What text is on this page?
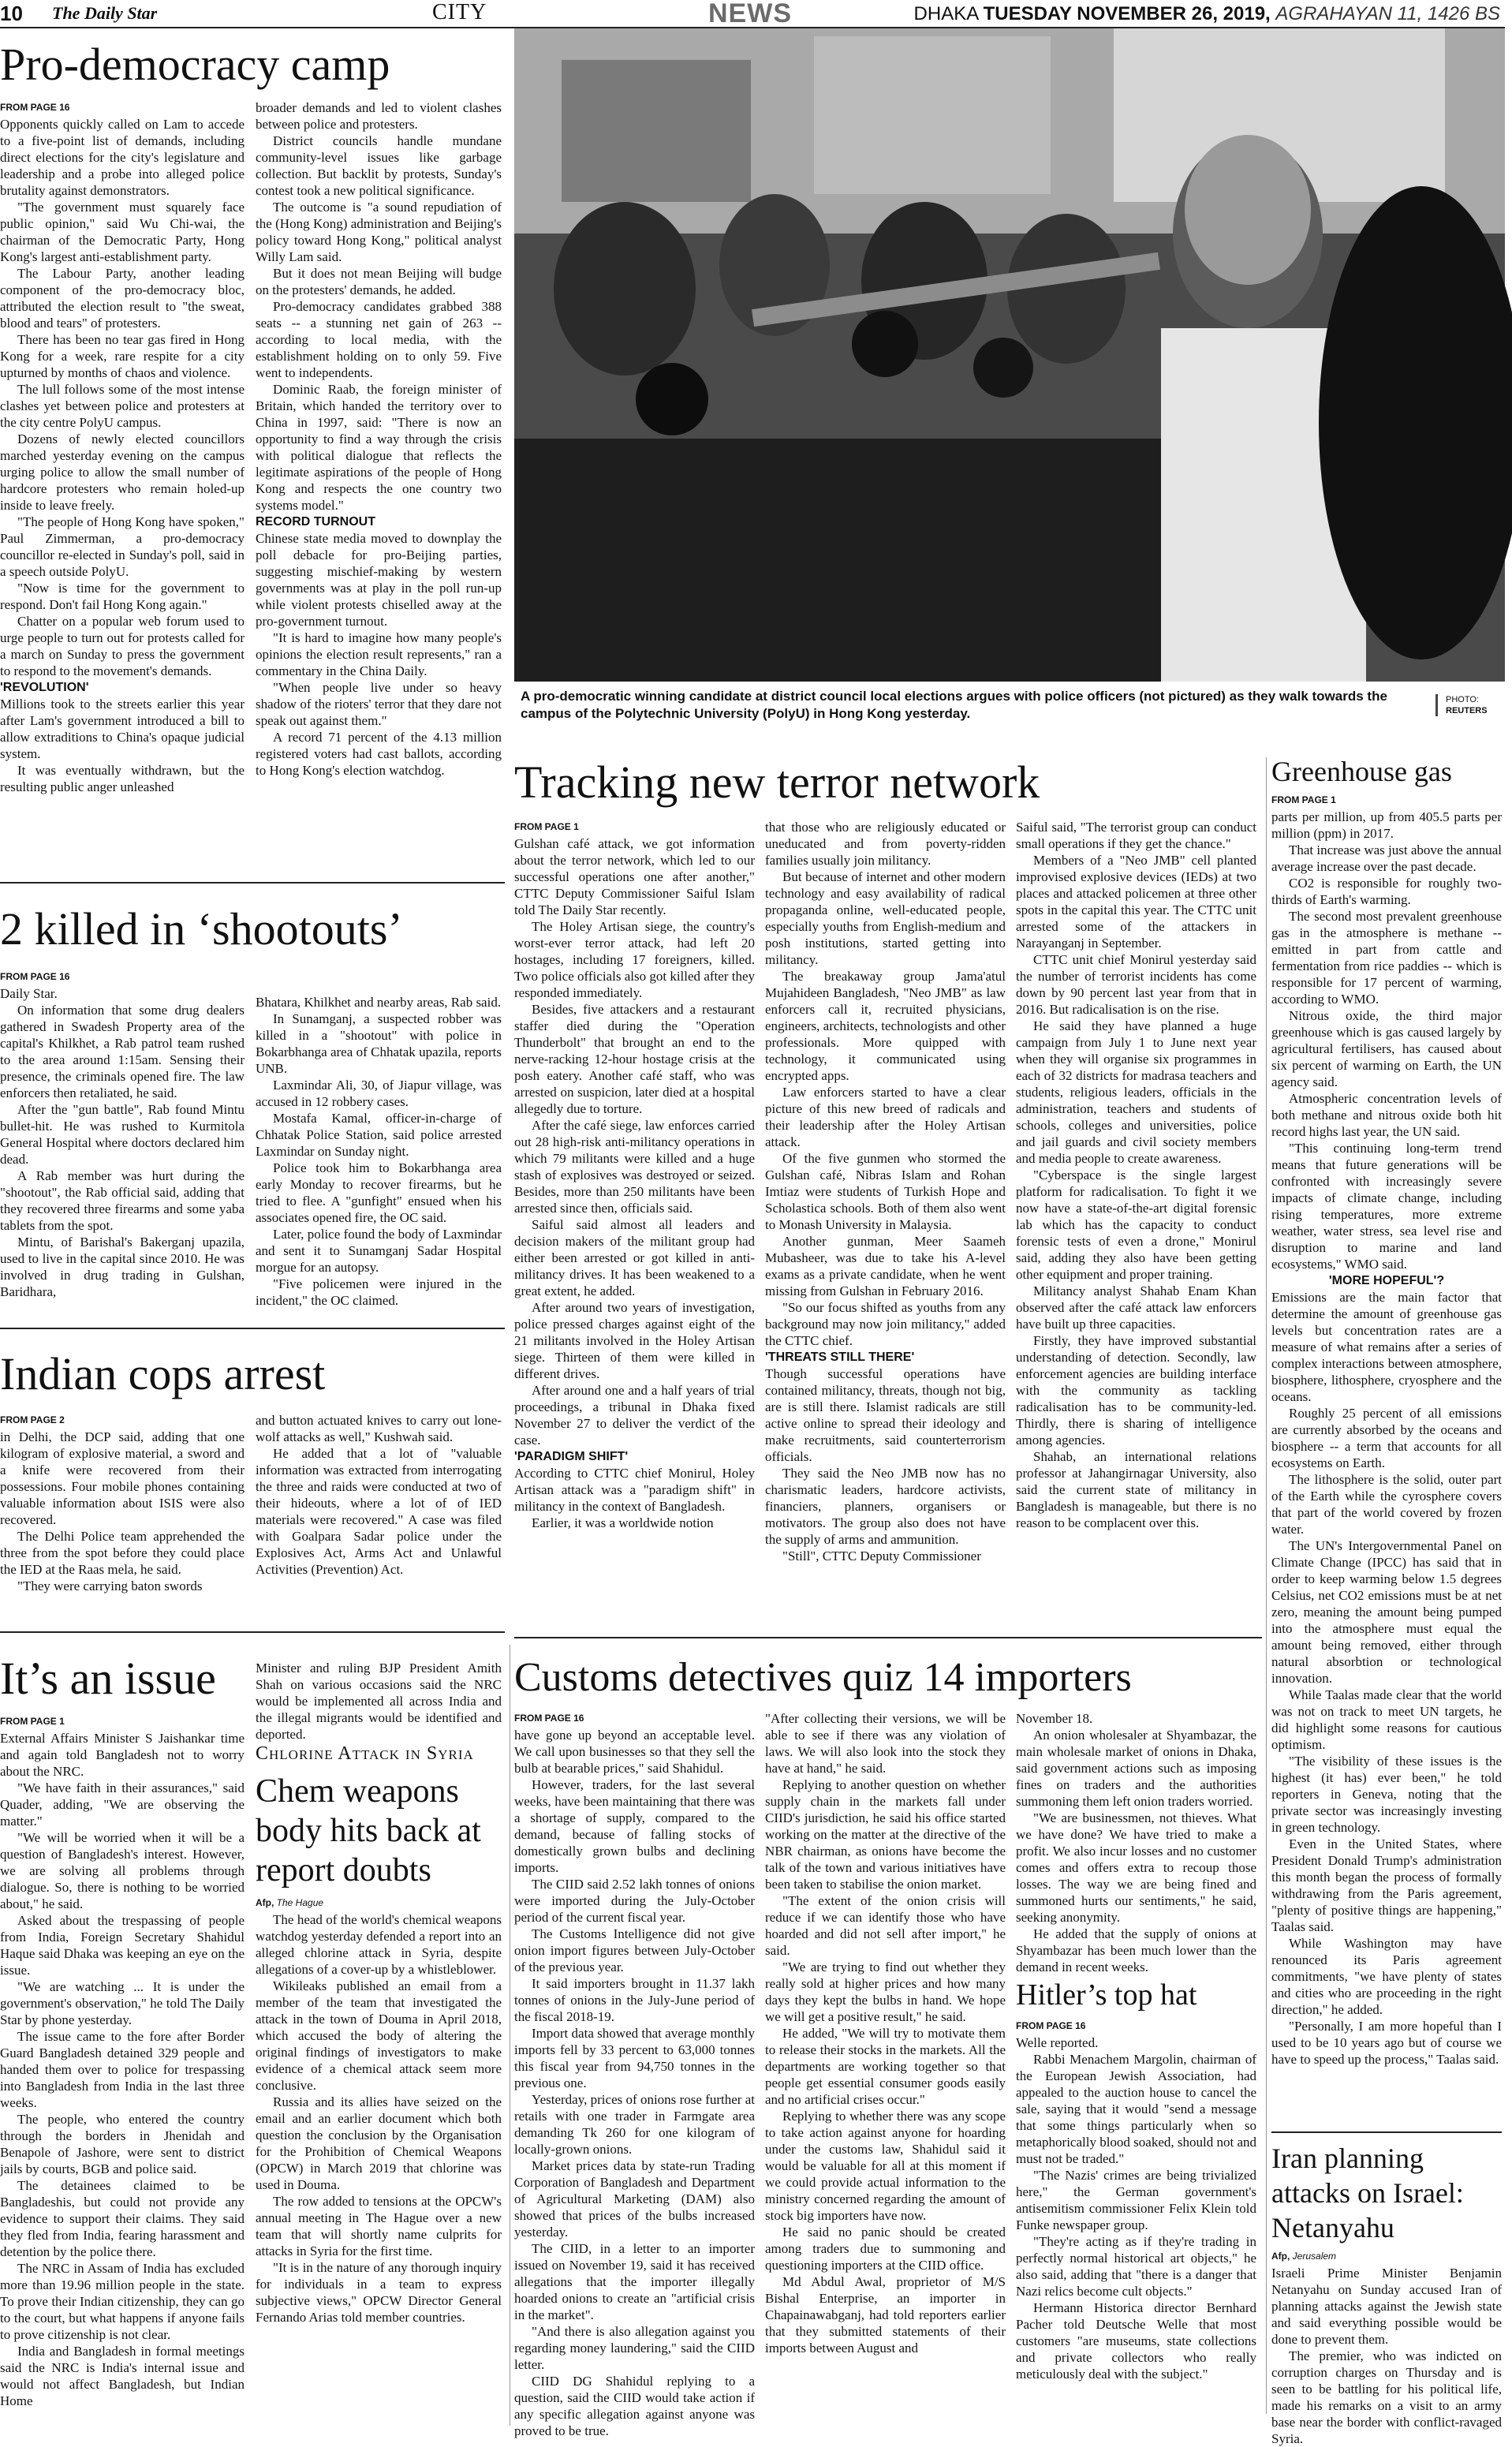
10 The Daily Star	CITY	NEWS	DHAKA TUESDAY NOVEMBER 26, 2019, AGRAHAYAN 11, 1426 BS
Pro-democracy camp

FROM PAGE 16

Opponents quickly called on Lam to accede to a five-point list of demands, including direct elections for the city's legislature and leadership and a probe into alleged police brutality against demonstrators.

"The government must squarely face public opinion," said Wu Chi-wai, the chairman of the Democratic Party, Hong Kong's largest anti-establishment party.

The Labour Party, another leading component of the pro-democracy bloc, attributed the election result to "the sweat, blood and tears" of protesters.

There has been no tear gas fired in Hong Kong for a week, rare respite for a city upturned by months of chaos and violence.

The lull follows some of the most intense clashes yet between police and protesters at the city centre PolyU campus.

Dozens of newly elected councillors marched yesterday evening on the campus urging police to allow the small number of hardcore protesters who remain holed-up inside to leave freely.

"The people of Hong Kong have spoken," Paul Zimmerman, a pro-democracy councillor re-elected in Sunday's poll, said in a speech outside PolyU.

"Now is time for the government to respond. Don't fail Hong Kong again."

Chatter on a popular web forum used to urge people to turn out for protests called for a march on Sunday to press the government to respond to the movement's demands.

'REVOLUTION'

Millions took to the streets earlier this year after Lam's government introduced a bill to allow extraditions to China's opaque judicial system.

It was eventually withdrawn, but the resulting public anger unleashed

broader demands and led to violent clashes between police and protesters.

District councils handle mundane community-level issues like garbage collection. But backlit by protests, Sunday's contest took a new political significance.

The outcome is "a sound repudiation of the (Hong Kong) administration and Beijing's policy toward Hong Kong," political analyst Willy Lam said.

But it does not mean Beijing will budge on the protesters' demands, he added.

Pro-democracy candidates grabbed 388 seats -- a stunning net gain of 263 -- according to local media, with the establishment holding on to only 59. Five went to independents.

Dominic Raab, the foreign minister of Britain, which handed the territory over to China in 1997, said: "There is now an opportunity to find a way through the crisis with political dialogue that reflects the legitimate aspirations of the people of Hong Kong and respects the one country two systems model."

RECORD TURNOUT

Chinese state media moved to downplay the poll debacle for pro-Beijing parties, suggesting mischief-making by western governments was at play in the poll run-up while violent protests chiselled away at the pro-government turnout.

"It is hard to imagine how many people's opinions the election result represents," ran a commentary in the China Daily.

"When people live under so heavy shadow of the rioters' terror that they dare not speak out against them."

A record 71 percent of the 4.13 million registered voters had cast ballots, according to Hong Kong's election watchdog.

A pro-democratic winning candidate at district council local elections argues with police officers (not pictured) as they walk towards the campus of the Polytechnic University (PolyU) in Hong Kong yesterday.
PHOTO:
REUTERS
2 killed in ‘shootouts’

FROM PAGE 16

Daily Star.

On information that some drug dealers gathered in Swadesh Property area of the capital's Khilkhet, a Rab patrol team rushed to the area around 1:15am. Sensing their presence, the criminals opened fire. The law enforcers then retaliated, he said.

After the "gun battle", Rab found Mintu bullet-hit. He was rushed to Kurmitola General Hospital where doctors declared him dead.

A Rab member was hurt during the "shootout", the Rab official said, adding that they recovered three firearms and some yaba tablets from the spot.

Mintu, of Barishal's Bakerganj upazila, used to live in the capital since 2010. He was involved in drug trading in Gulshan, Baridhara,

Bhatara, Khilkhet and nearby areas, Rab said.

In Sunamganj, a suspected robber was killed in a "shootout" with police in Bokarbhanga area of Chhatak upazila, reports UNB.

Laxmindar Ali, 30, of Jiapur village, was accused in 12 robbery cases.

Mostafa Kamal, officer-in-charge of Chhatak Police Station, said police arrested Laxmindar on Sunday night.

Police took him to Bokarbhanga area early Monday to recover firearms, but he tried to flee. A "gunfight" ensued when his associates opened fire, the OC said.

Later, police found the body of Laxmindar and sent it to Sunamganj Sadar Hospital morgue for an autopsy.

"Five policemen were injured in the incident," the OC claimed.

Indian cops arrest

FROM PAGE 2

in Delhi, the DCP said, adding that one kilogram of explosive material, a sword and a knife were recovered from their possessions. Four mobile phones containing valuable information about ISIS were also recovered.

The Delhi Police team apprehended the three from the spot before they could place the IED at the Raas mela, he said.

"They were carrying baton swords

and button actuated knives to carry out lone-wolf attacks as well," Kushwah said.

He added that a lot of "valuable information was extracted from interrogating the three and raids were conducted at two of their hideouts, where a lot of of IED materials were recovered." A case was filed with Goalpara Sadar police under the Explosives Act, Arms Act and Unlawful Activities (Prevention) Act.

It’s an issue

FROM PAGE 1

External Affairs Minister S Jaishankar time and again told Bangladesh not to worry about the NRC.

"We have faith in their assurances," said Quader, adding, "We are observing the matter."

"We will be worried when it will be a question of Bangladesh's interest. However, we are solving all problems through dialogue. So, there is nothing to be worried about," he said.

Asked about the trespassing of people from India, Foreign Secretary Shahidul Haque said Dhaka was keeping an eye on the issue.

"We are watching ... It is under the government's observation," he told The Daily Star by phone yesterday.

The issue came to the fore after Border Guard Bangladesh detained 329 people and handed them over to police for trespassing into Bangladesh from India in the last three weeks.

The people, who entered the country through the borders in Jhenidah and Benapole of Jashore, were sent to district jails by courts, BGB and police said.

The detainees claimed to be Bangladeshis, but could not provide any evidence to support their claims. They said they fled from India, fearing harassment and detention by the police there.

The NRC in Assam of India has excluded more than 19.96 million people in the state. To prove their Indian citizenship, they can go to the court, but what happens if anyone fails to prove citizenship is not clear.

India and Bangladesh in formal meetings said the NRC is India's internal issue and would not affect Bangladesh, but Indian Home

Minister and ruling BJP President Amith Shah on various occasions said the NRC would be implemented all across India and the illegal migrants would be identified and deported.

Chlorine Attack in Syria
Chem weapons body hits back at report doubts

Afp, The Hague

The head of the world's chemical weapons watchdog yesterday defended a report into an alleged chlorine attack in Syria, despite allegations of a cover-up by a whistleblower.

Wikileaks published an email from a member of the team that investigated the attack in the town of Douma in April 2018, which accused the body of altering the original findings of investigators to make evidence of a chemical attack seem more conclusive.

Russia and its allies have seized on the email and an earlier document which both question the conclusion by the Organisation for the Prohibition of Chemical Weapons (OPCW) in March 2019 that chlorine was used in Douma.

The row added to tensions at the OPCW's annual meeting in The Hague over a new team that will shortly name culprits for attacks in Syria for the first time.

"It is in the nature of any thorough inquiry for individuals in a team to express subjective views," OPCW Director General Fernando Arias told member countries.

Tracking new terror network

FROM PAGE 1

Gulshan café attack, we got information about the terror network, which led to our successful operations one after another," CTTC Deputy Commissioner Saiful Islam told The Daily Star recently.

The Holey Artisan siege, the country's worst-ever terror attack, had left 20 hostages, including 17 foreigners, killed. Two police officials also got killed after they responded immediately.

Besides, five attackers and a restaurant staffer died during the "Operation Thunderbolt" that brought an end to the nerve-racking 12-hour hostage crisis at the posh eatery. Another café staff, who was arrested on suspicion, later died at a hospital allegedly due to torture.

After the café siege, law enforces carried out 28 high-risk anti-militancy operations in which 79 militants were killed and a huge stash of explosives was destroyed or seized. Besides, more than 250 militants have been arrested since then, officials said.

Saiful said almost all leaders and decision makers of the militant group had either been arrested or got killed in anti-militancy drives. It has been weakened to a great extent, he added.

After around two years of investigation, police pressed charges against eight of the 21 militants involved in the Holey Artisan siege. Thirteen of them were killed in different drives.

After around one and a half years of trial proceedings, a tribunal in Dhaka fixed November 27 to deliver the verdict of the case.

'PARADIGM SHIFT'

According to CTTC chief Monirul, Holey Artisan attack was a "paradigm shift" in militancy in the context of Bangladesh.

Earlier, it was a worldwide notion

that those who are religiously educated or uneducated and from poverty-ridden families usually join militancy.

But because of internet and other modern technology and easy availability of radical propaganda online, well-educated people, especially youths from English-medium and posh institutions, started getting into militancy.

The breakaway group Jama'atul Mujahideen Bangladesh, "Neo JMB" as law enforcers call it, recruited physicians, engineers, architects, technologists and other professionals. More quipped with technology, it communicated using encrypted apps.

Law enforcers started to have a clear picture of this new breed of radicals and their leadership after the Holey Artisan attack.

Of the five gunmen who stormed the Gulshan café, Nibras Islam and Rohan Imtiaz were students of Turkish Hope and Scholastica schools. Both of them also went to Monash University in Malaysia.

Another gunman, Meer Saameh Mubasheer, was due to take his A-level exams as a private candidate, when he went missing from Gulshan in February 2016.

"So our focus shifted as youths from any background may now join militancy," added the CTTC chief.

'THREATS STILL THERE'

Though successful operations have contained militancy, threats, though not big, are is still there. Islamist radicals are still active online to spread their ideology and make recruitments, said counterterrorism officials.

They said the Neo JMB now has no charismatic leaders, hardcore activists, financiers, planners, organisers or motivators. The group also does not have the supply of arms and ammunition.

"Still", CTTC Deputy Commissioner

Saiful said, "The terrorist group can conduct small operations if they get the chance."

Members of a "Neo JMB" cell planted improvised explosive devices (IEDs) at two places and attacked policemen at three other spots in the capital this year. The CTTC unit arrested some of the attackers in Narayanganj in September.

CTTC unit chief Monirul yesterday said the number of terrorist incidents has come down by 90 percent last year from that in 2016. But radicalisation is on the rise.

He said they have planned a huge campaign from July 1 to June next year when they will organise six programmes in each of 32 districts for madrasa teachers and students, religious leaders, officials in the administration, teachers and students of schools, colleges and universities, police and jail guards and civil society members and media people to create awareness.

"Cyberspace is the single largest platform for radicalisation. To fight it we now have a state-of-the-art digital forensic lab which has the capacity to conduct forensic tests of even a drone," Monirul said, adding they also have been getting other equipment and proper training.

Militancy analyst Shahab Enam Khan observed after the café attack law enforcers have built up three capacities.

Firstly, they have improved substantial understanding of detection. Secondly, law enforcement agencies are building interface with the community as tackling radicalisation has to be community-led. Thirdly, there is sharing of intelligence among agencies.

Shahab, an international relations professor at Jahangirnagar University, also said the current state of militancy in Bangladesh is manageable, but there is no reason to be complacent over this.

Greenhouse gas

FROM PAGE 1

parts per million, up from 405.5 parts per million (ppm) in 2017.

That increase was just above the annual average increase over the past decade.

CO2 is responsible for roughly two-thirds of Earth's warming.

The second most prevalent greenhouse gas in the atmosphere is methane -- emitted in part from cattle and fermentation from rice paddies -- which is responsible for 17 percent of warming, according to WMO.

Nitrous oxide, the third major greenhouse which is gas caused largely by agricultural fertilisers, has caused about six percent of warming on Earth, the UN agency said.

Atmospheric concentration levels of both methane and nitrous oxide both hit record highs last year, the UN said.

"This continuing long-term trend means that future generations will be confronted with increasingly severe impacts of climate change, including rising temperatures, more extreme weather, water stress, sea level rise and disruption to marine and land ecosystems," WMO said.

'MORE HOPEFUL'?

Emissions are the main factor that determine the amount of greenhouse gas levels but concentration rates are a measure of what remains after a series of complex interactions between atmosphere, biosphere, lithosphere, cryosphere and the oceans.

Roughly 25 percent of all emissions are currently absorbed by the oceans and biosphere -- a term that accounts for all ecosystems on Earth.

The lithosphere is the solid, outer part of the Earth while the cyrosphere covers that part of the world covered by frozen water.

The UN's Intergovernmental Panel on Climate Change (IPCC) has said that in order to keep warming below 1.5 degrees Celsius, net CO2 emissions must be at net zero, meaning the amount being pumped into the atmosphere must equal the amount being removed, either through natural absorbtion or technological innovation.

While Taalas made clear that the world was not on track to meet UN targets, he did highlight some reasons for cautious optimism.

"The visibility of these issues is the highest (it has) ever been," he told reporters in Geneva, noting that the private sector was increasingly investing in green technology.

Even in the United States, where President Donald Trump's administration this month began the process of formally withdrawing from the Paris agreement, "plenty of positive things are happening," Taalas said.

While Washington may have renounced its Paris agreement commitments, "we have plenty of states and cities who are proceeding in the right direction," he added.

"Personally, I am more hopeful than I used to be 10 years ago but of course we have to speed up the process," Taalas said.

Iran planning attacks on Israel: Netanyahu

Afp, Jerusalem

Israeli Prime Minister Benjamin Netanyahu on Sunday accused Iran of planning attacks against the Jewish state and said everything possible would be done to prevent them.

The premier, who was indicted on corruption charges on Thursday and is seen to be battling for his political life, made his remarks on a visit to an army base near the border with conflict-ravaged Syria.

Customs detectives quiz 14 importers

FROM PAGE 16

have gone up beyond an acceptable level. We call upon businesses so that they sell the bulb at bearable prices," said Shahidul.

However, traders, for the last several weeks, have been maintaining that there was a shortage of supply, compared to the demand, because of falling stocks of domestically grown bulbs and declining imports.

The CIID said 2.52 lakh tonnes of onions were imported during the July-October period of the current fiscal year.

The Customs Intelligence did not give onion import figures between July-October of the previous year.

It said importers brought in 11.37 lakh tonnes of onions in the July-June period of the fiscal 2018-19.

Import data showed that average monthly imports fell by 33 percent to 63,000 tonnes this fiscal year from 94,750 tonnes in the previous one.

Yesterday, prices of onions rose further at retails with one trader in Farmgate area demanding Tk 260 for one kilogram of locally-grown onions.

Market prices data by state-run Trading Corporation of Bangladesh and Department of Agricultural Marketing (DAM) also showed that prices of the bulbs increased yesterday.

The CIID, in a letter to an importer issued on November 19, said it has received allegations that the importer illegally hoarded onions to create an "artificial crisis in the market".

"And there is also allegation against you regarding money laundering," said the CIID letter.

CIID DG Shahidul replying to a question, said the CIID would take action if any specific allegation against anyone was proved to be true.

"After collecting their versions, we will be able to see if there was any violation of laws. We will also look into the stock they have at hand," he said.

Replying to another question on whether supply chain in the markets fall under CIID's jurisdiction, he said his office started working on the matter at the directive of the NBR chairman, as onions have become the talk of the town and various initiatives have been taken to stabilise the onion market.

"The extent of the onion crisis will reduce if we can identify those who have hoarded and did not sell after import," he said.

"We are trying to find out whether they really sold at higher prices and how many days they kept the bulbs in hand. We hope we will get a positive result," he said.

He added, "We will try to motivate them to release their stocks in the markets. All the departments are working together so that people get essential consumer goods easily and no artificial crises occur."

Replying to whether there was any scope to take action against anyone for hoarding under the customs law, Shahidul said it would be valuable for all at this moment if we could provide actual information to the ministry concerned regarding the amount of stock big importers have now.

He said no panic should be created among traders due to summoning and questioning importers at the CIID office.

Md Abdul Awal, proprietor of M/S Bishal Enterprise, an importer in Chapainawabganj, had told reporters earlier that they submitted statements of their imports between August and

November 18.

An onion wholesaler at Shyambazar, the main wholesale market of onions in Dhaka, said government actions such as imposing fines on traders and the authorities summoning them left onion traders worried.

"We are businessmen, not thieves. What we have done? We have tried to make a profit. We also incur losses and no customer comes and offers extra to recoup those losses. The way we are being fined and summoned hurts our sentiments," he said, seeking anonymity.

He added that the supply of onions at Shyambazar has been much lower than the demand in recent weeks.

Hitler’s top hat

FROM PAGE 16

Welle reported.

Rabbi Menachem Margolin, chairman of the European Jewish Association, had appealed to the auction house to cancel the sale, saying that it would "send a message that some things particularly when so metaphorically blood soaked, should not and must not be traded."

"The Nazis' crimes are being trivialized here," the German government's antisemitism commissioner Felix Klein told Funke newspaper group.

"They're acting as if they're trading in perfectly normal historical art objects," he also said, adding that "there is a danger that Nazi relics become cult objects."

Hermann Historica director Bernhard Pacher told Deutsche Welle that most customers "are museums, state collections and private collectors who really meticulously deal with the subject."
